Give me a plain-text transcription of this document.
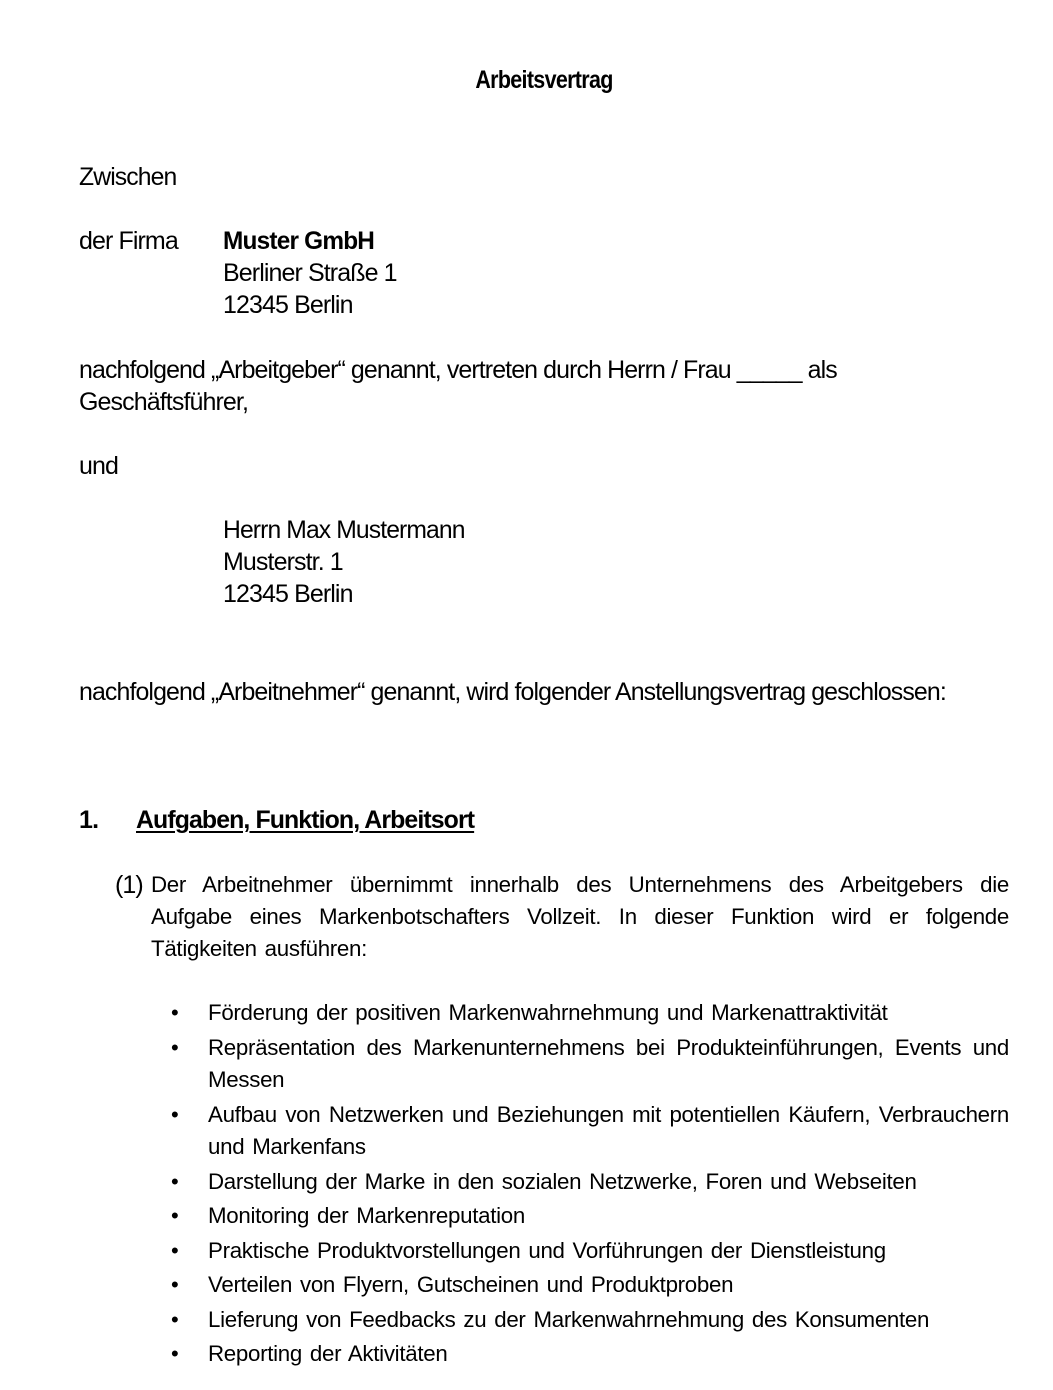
Arbeitsvertrag
Zwischen
der Firma Muster GmbH
Berliner Straße 1
12345 Berlin
nachfolgend „Arbeitgeber“ genannt, vertreten durch Herrn / Frau _____ als
Geschäftsführer,
und
Herrn Max Mustermann
Musterstr. 1
12345 Berlin
nachfolgend „Arbeitnehmer“ genannt, wird folgender Anstellungsvertrag geschlossen:
1. Aufgaben, Funktion, Arbeitsort
(1) Der Arbeitnehmer übernimmt innerhalb des Unternehmens des Arbeitgebers die Aufgabe eines Markenbotschafters Vollzeit. In dieser Funktion wird er folgende Tätigkeiten ausführen:
• Förderung der positiven Markenwahrnehmung und Markenattraktivität
• Repräsentation des Markenunternehmens bei Produkteinführungen, Events und Messen
• Aufbau von Netzwerken und Beziehungen mit potentiellen Käufern, Verbrauchern und Markenfans
• Darstellung der Marke in den sozialen Netzwerke, Foren und Webseiten
• Monitoring der Markenreputation
• Praktische Produktvorstellungen und Vorführungen der Dienstleistung
• Verteilen von Flyern, Gutscheinen und Produktproben
• Lieferung von Feedbacks zu der Markenwahrnehmung des Konsumenten
• Reporting der Aktivitäten
